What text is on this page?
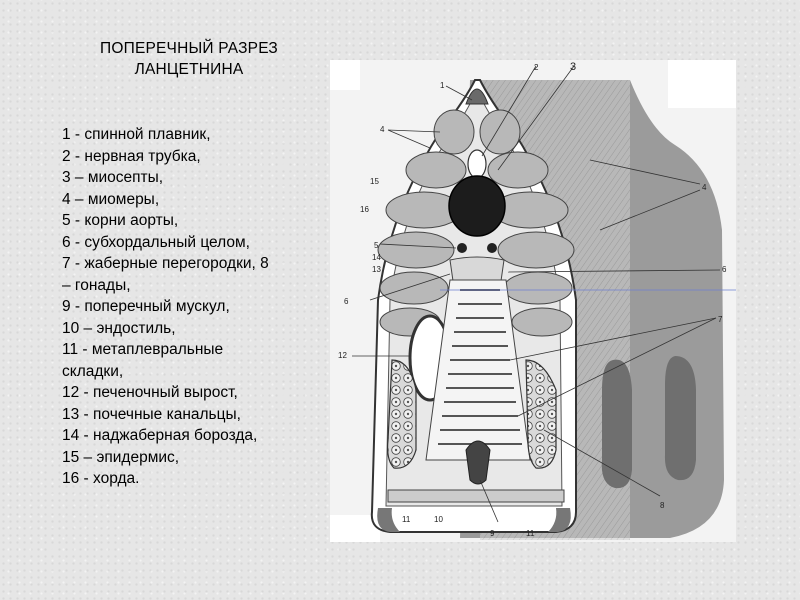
ПОПЕРЕЧНЫЙ РАЗРЕЗ
ЛАНЦЕТНИНА
1 - спинной плавник,
2 - нервная трубка,
3 – миосепты,
4 – миомеры,
5 - корни аорты,
6 - субхордальный целом,
7 - жаберные перегородки, 8
– гонады,
9 - поперечный мускул,
10 – эндостиль,
11 - метаплевральные
складки,
12 - печеночный вырост,
13 - почечные канальцы,
14 - наджаберная борозда,
15 – эпидермис,
16 - хорда.
1
2	3
4
4
15
16
5
14
13	6
6
7
12
8
11	10
9	11
